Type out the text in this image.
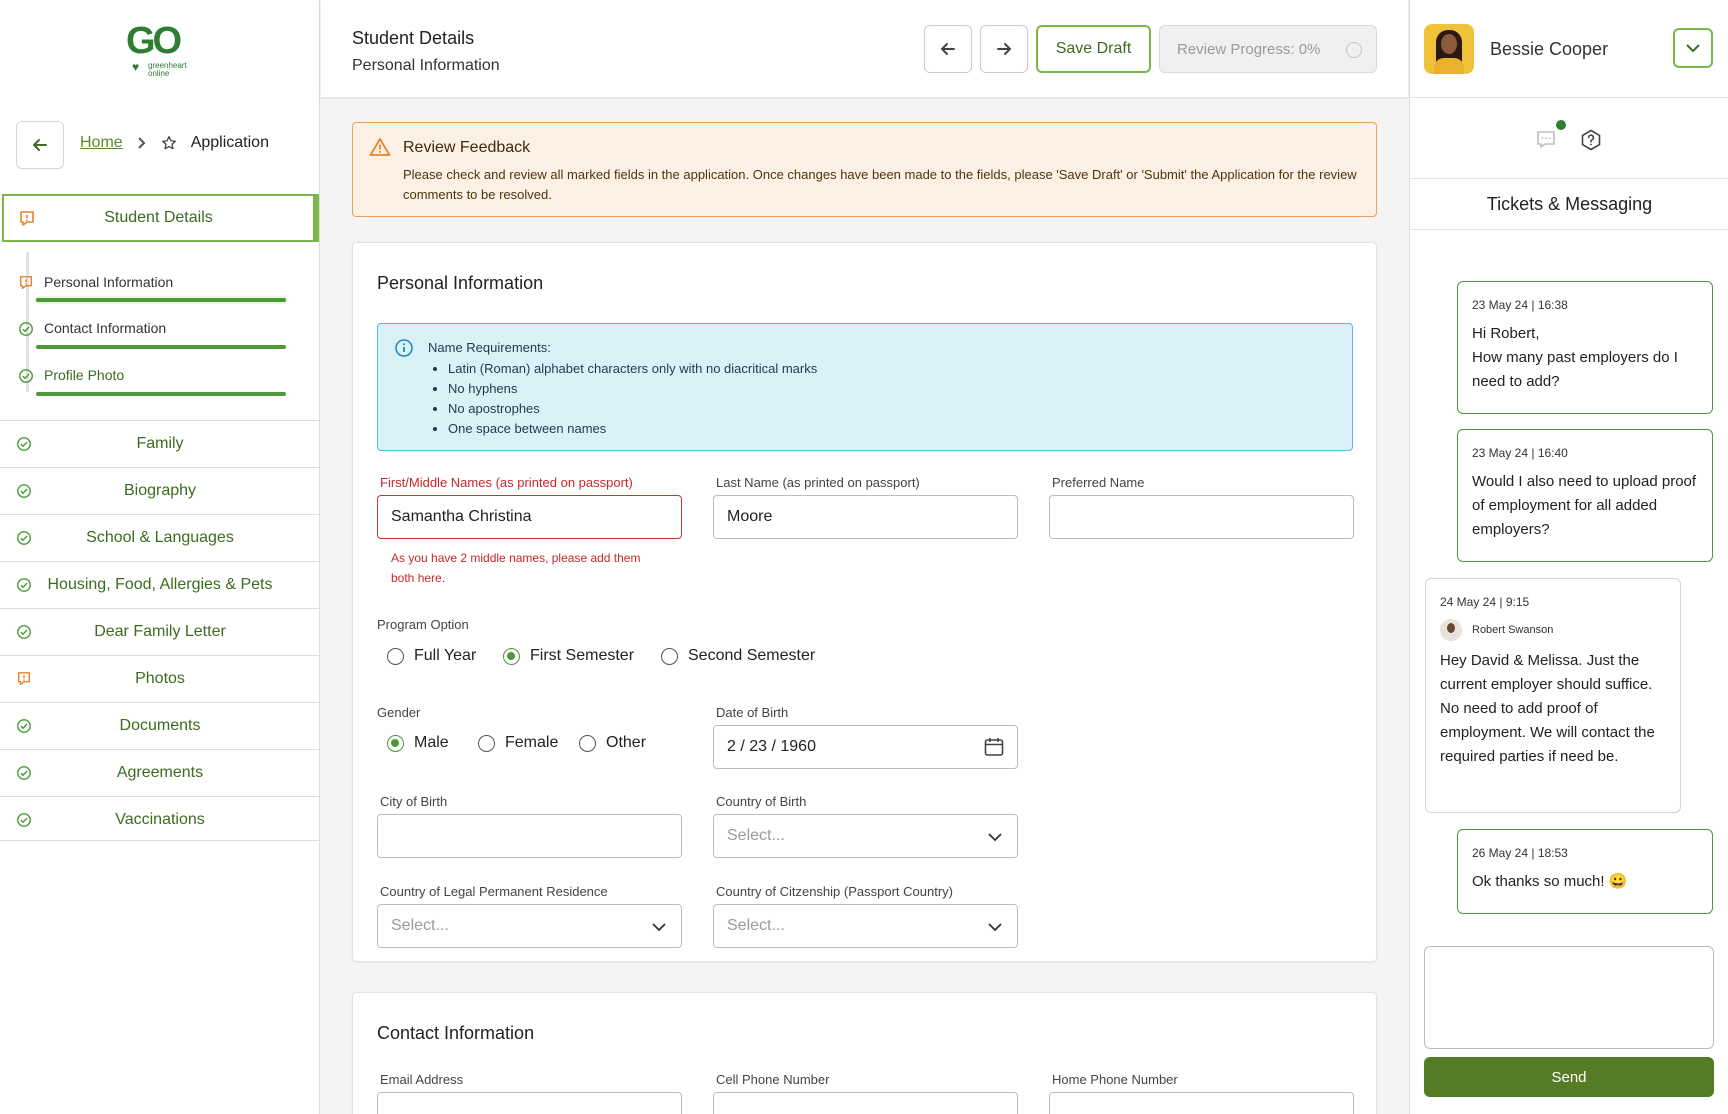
GO
♥ greenheart online
Home	Application
Student Details
Personal Information
Contact Information
Profile Photo
Family
Biography
School & Languages
Housing, Food, Allergies & Pets
Dear Family Letter
Photos
Documents
Agreements
Vaccinations
Student Details
Personal Information
Save Draft	Review Progress: 0%
Review Feedback
Please check and review all marked fields in the application. Once changes have been made to the fields, please 'Save Draft' or 'Submit' the Application for the review comments to be resolved.
Personal Information
Name Requirements:
• Latin (Roman) alphabet characters only with no diacritical marks
• No hyphens
• No apostrophes
• One space between names
First/Middle Names (as printed on passport)
Samantha Christina
As you have 2 middle names, please add them both here.
Last Name (as printed on passport)
Moore
Preferred Name
Program Option
Full Year	First Semester	Second Semester
Gender
Male	Female	Other
Date of Birth
2 / 23 / 1960
City of Birth	Country of Birth
Select...
Country of Legal Permanent Residence
Select...
Country of Citzenship (Passport Country)
Select...
Contact Information
Email Address	Cell Phone Number	Home Phone Number
Bessie Cooper
Tickets & Messaging
23 May 24 | 16:38
Hi Robert,
How many past employers do I need to add?
23 May 24 | 16:40
Would I also need to upload proof of employment for all added employers?
24 May 24 | 9:15
Robert Swanson
Hey David & Melissa. Just the current employer should suffice. No need to add proof of employment. We will contact the required parties if need be.
26 May 24 | 18:53
Ok thanks so much! 😀
Send
